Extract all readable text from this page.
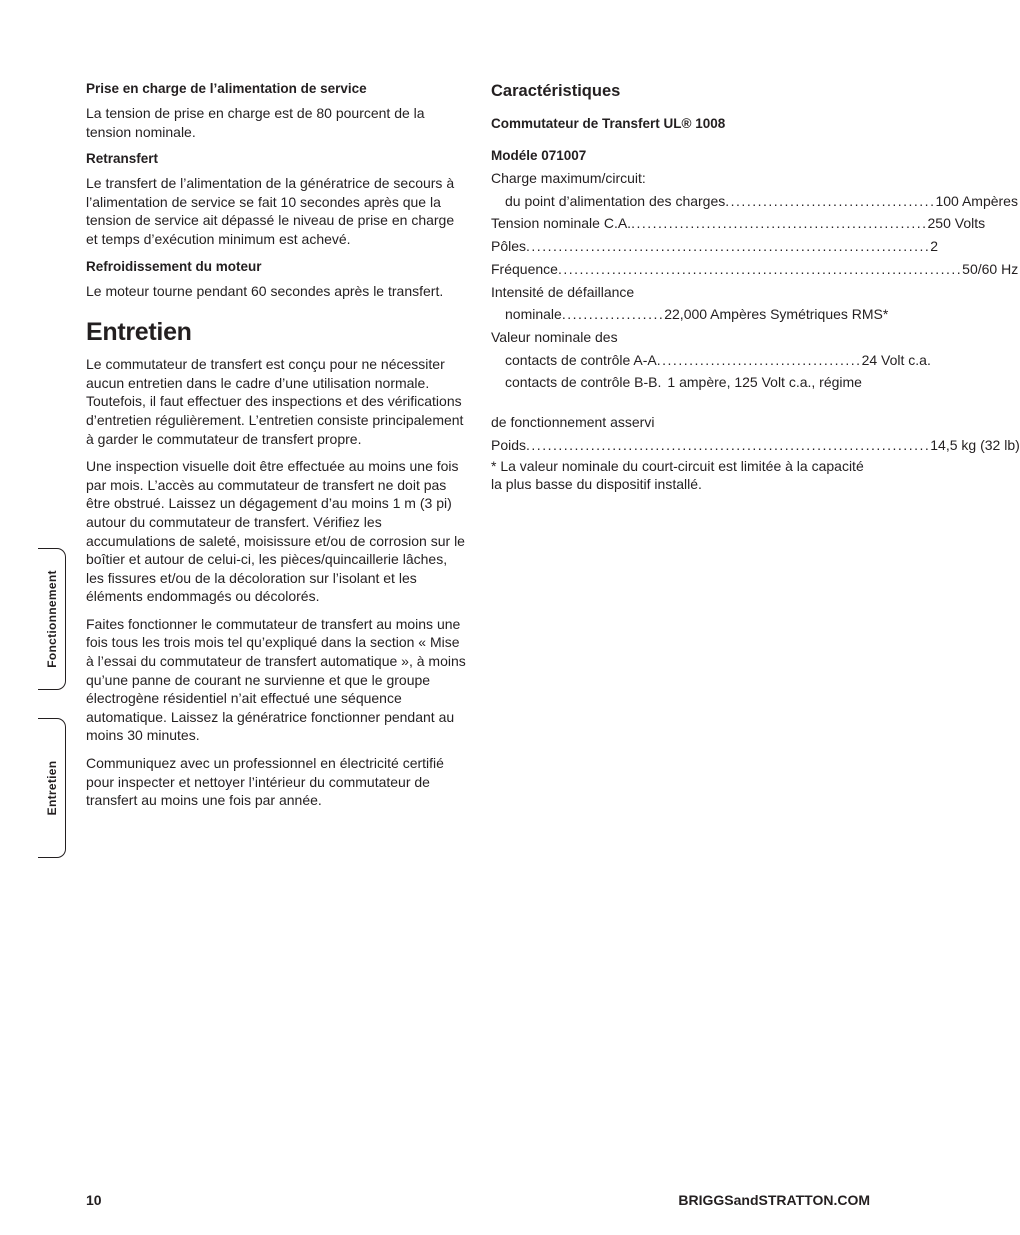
Fonctionnement
Entretien
Prise en charge de l’alimentation de service

La tension de prise en charge est de 80 pourcent de la tension nominale.

Retransfert

Le transfert de l’alimentation de la génératrice de secours à l’alimentation de service se fait 10 secondes après que la tension de service ait dépassé le niveau de prise en charge et temps d’exécution minimum est achevé.

Refroidissement du moteur

Le moteur tourne pendant 60 secondes après le transfert.

Entretien

Le commutateur de transfert est conçu pour ne nécessiter aucun entretien dans le cadre d’une utilisation normale. Toutefois, il faut effectuer des inspections et des vérifications d’entretien régulièrement. L’entretien consiste principalement à garder le commutateur de transfert propre.

Une inspection visuelle doit être effectuée au moins une fois par mois. L’accès au commutateur de transfert ne doit pas être obstrué. Laissez un dégagement d’au moins 1 m (3 pi) autour du commutateur de transfert. Vérifiez les accumulations de saleté, moisissure et/ou de corrosion sur le boîtier et autour de celui-ci, les pièces/quincaillerie lâches, les fissures et/ou de la décoloration sur l’isolant et les éléments endommagés ou décolorés.

Faites fonctionner le commutateur de transfert au moins une fois tous les trois mois tel qu’expliqué dans la section « Mise à l’essai du commutateur de transfert automatique », à moins qu’une panne de courant ne survienne et que le groupe électrogène résidentiel n’ait effectué une séquence automatique. Laissez la génératrice fonctionner pendant au moins 30 minutes.

Communiquez avec un professionnel en électricité certifié pour inspecter et nettoyer l’intérieur du commutateur de transfert au moins une fois par année.

Caractéristiques
Commutateur de Transfert UL® 1008
Modéle 071007
Charge maximum/circuit:
du point d’alimentation des charges ....................................... 100 Ampères
Tension nominale C.A. ....................................................... 250 Volts
Pôles ........................................................................... 2
Fréquence ........................................................................... 50/60 Hz
Intensité de défaillance
nominale ................... 22,000 Ampères Symétriques RMS*
Valeur nominale des
contacts de contrôle A-A ...................................... 24 Volt c.a.
contacts de contrôle B-B. 1 ampère, 125 Volt c.a., régime
de fonctionnement asservi
Poids ........................................................................... 14,5 kg (32 lb)
* La valeur nominale du court-circuit est limitée à la capacité la plus basse du dispositif installé.
10	BRIGGSandSTRATTON.COM
